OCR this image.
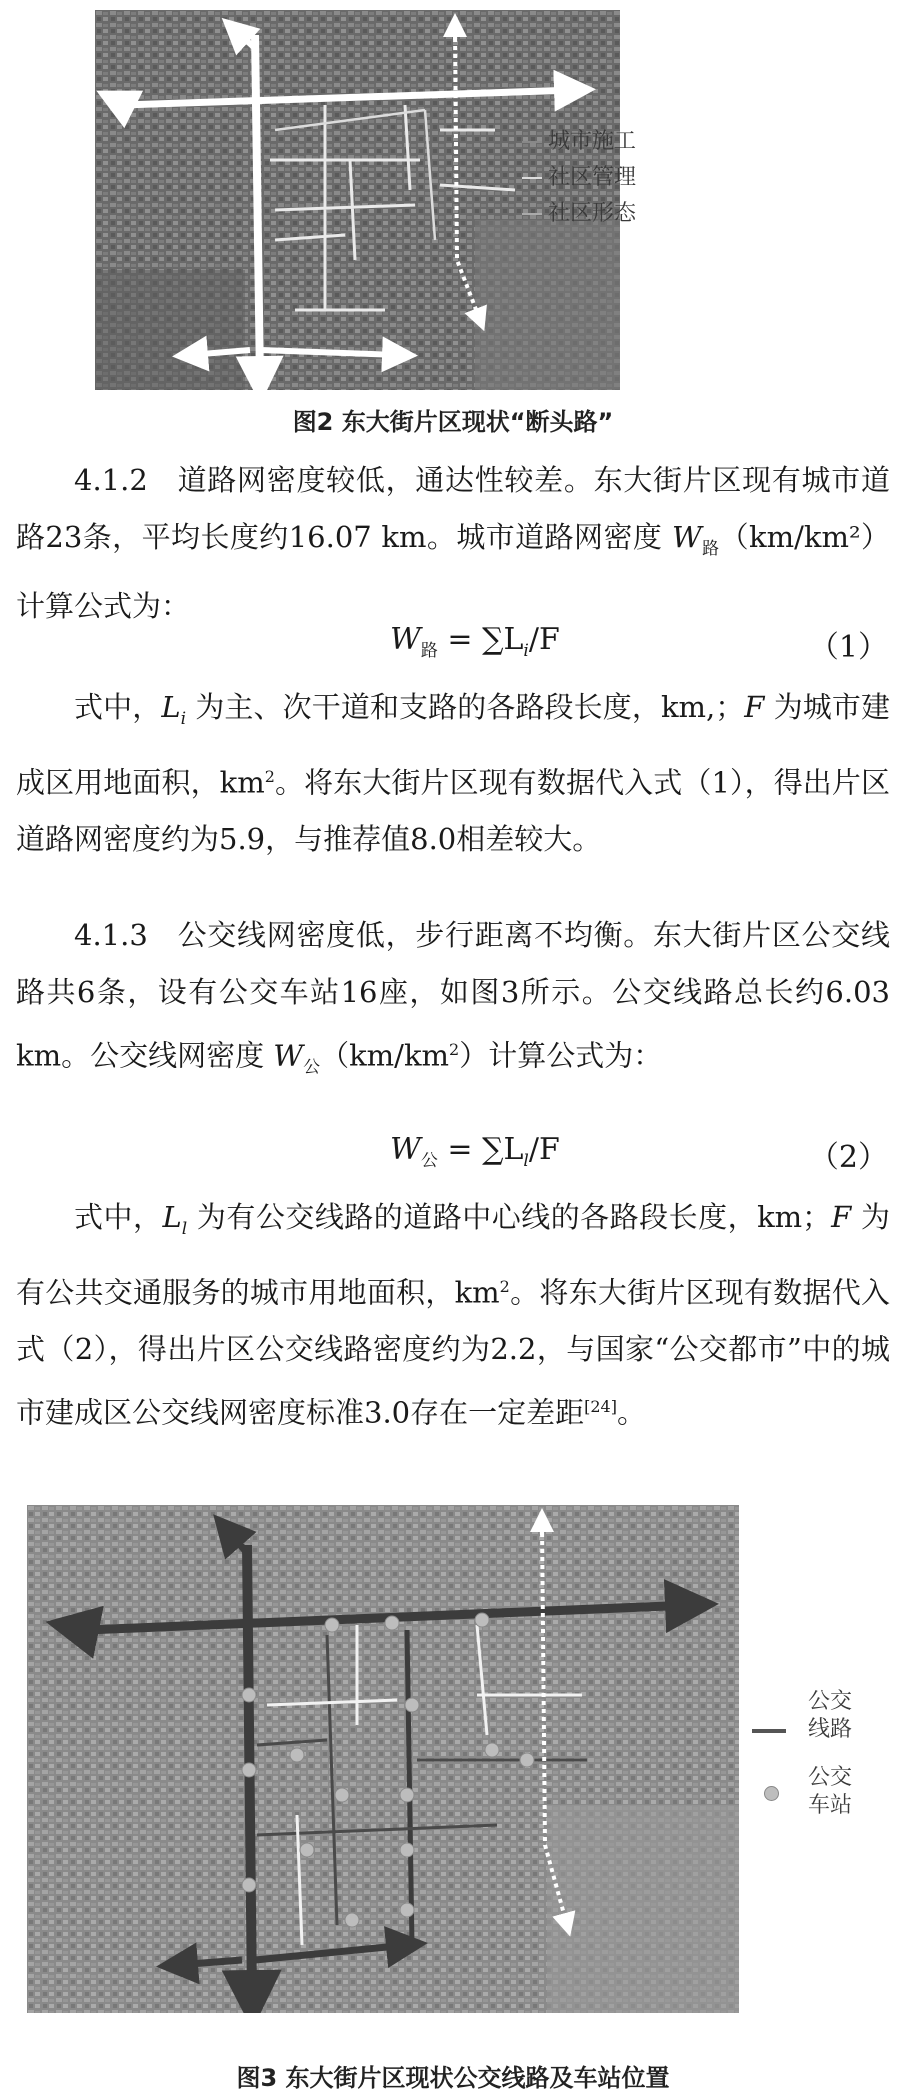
城市施工
社区管理
社区形态
图2 东大街片区现状“断头路”

4.1.2 道路网密度较低，通达性较差。东大街片区现有城市道路23条，平均长度约16.07 km。城市道路网密度 $W_路(km/km^2)$计算公式为：

$W_路 = \sum L_i/F$	（1）

式中，$L_i$ 为主、次干道和支路的各路段长度，km,；F 为城市建成区用地面积，$km^2$。将东大街片区现有数据代入式（1），得出片区道路网密度约为5.9，与推荐值8.0相差较大。

4.1.3 公交线网密度低，步行距离不均衡。东大街片区公交线路共6条，设有公交车站16座，如图3所示。公交线路总长约6.03 km。公交线网密度 $W_公(km/km^2)$计算公式为：

$W_公 = \sum L_l/F$	（2）

式中，$L_l$ 为有公交线路的道路中心线的各路段长度，km；F 为有公共交通服务的城市用地面积，$km^2$。将东大街片区现有数据代入式（2），得出片区公交线路密度约为2.2，与国家“公交都市”中的城市建成区公交线网密度标准3.0存在一定差距[24]。

公交
线路
公交
车站
图3 东大街片区现状公交线路及车站位置
